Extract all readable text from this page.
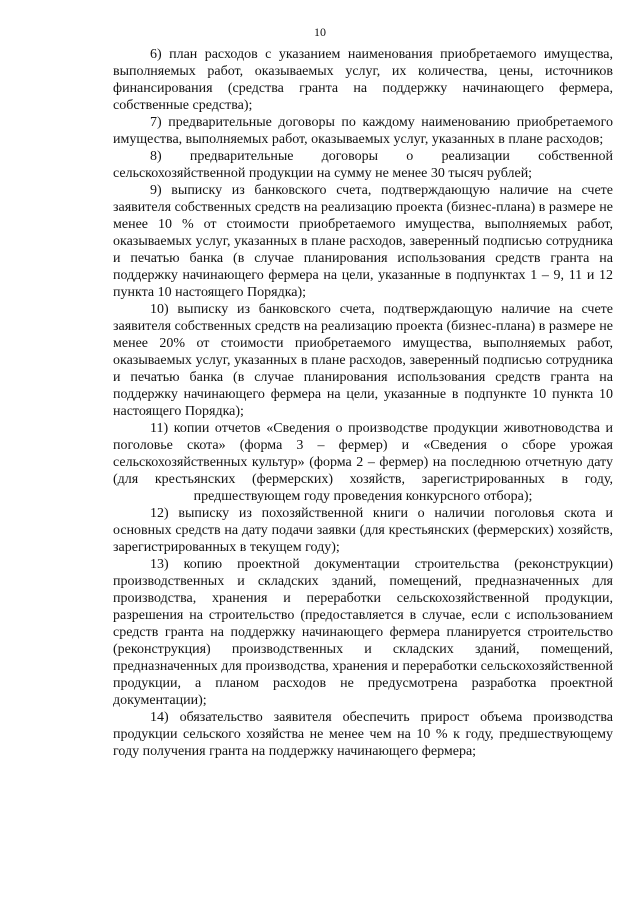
10

6) план расходов с указанием наименования приобретаемого имущества, выполняемых работ, оказываемых услуг, их количества, цены, источников финансирования (средства гранта на поддержку начинающего фермера, собственные средства);

7) предварительные договоры по каждому наименованию приобретаемого имущества, выполняемых работ, оказываемых услуг, указанных в плане расходов;

8) предварительные договоры о реализации собственной сельскохозяйственной продукции на сумму не менее 30 тысяч рублей;

9) выписку из банковского счета, подтверждающую наличие на счете заявителя собственных средств на реализацию проекта (бизнес-плана) в размере не менее 10 % от стоимости приобретаемого имущества, выполняемых работ, оказываемых услуг, указанных в плане расходов, заверенный подписью сотрудника и печатью банка (в случае планирования использования средств гранта на поддержку начинающего фермера на цели, указанные в подпунктах 1 – 9, 11 и 12 пункта 10 настоящего Порядка);

10) выписку из банковского счета, подтверждающую наличие на счете заявителя собственных средств на реализацию проекта (бизнес-плана) в размере не менее 20% от стоимости приобретаемого имущества, выполняемых работ, оказываемых услуг, указанных в плане расходов, заверенный подписью сотрудника и печатью банка (в случае планирования использования средств гранта на поддержку начинающего фермера на цели, указанные в подпункте 10 пункта 10 настоящего Порядка);

11) копии отчетов «Сведения о производстве продукции животноводства и поголовье скота» (форма 3 – фермер) и «Сведения о сборе урожая сельскохозяйственных культур» (форма 2 – фермер) на последнюю отчетную дату (для крестьянских (фермерских) хозяйств, зарегистрированных в году, предшествующем году проведения конкурсного отбора);

12) выписку из похозяйственной книги о наличии поголовья скота и основных средств на дату подачи заявки (для крестьянских (фермерских) хозяйств, зарегистрированных в текущем году);

13) копию проектной документации строительства (реконструкции) производственных и складских зданий, помещений, предназначенных для производства, хранения и переработки сельскохозяйственной продукции, разрешения на строительство (предоставляется в случае, если с использованием средств гранта на поддержку начинающего фермера планируется строительство (реконструкция) производственных и складских зданий, помещений, предназначенных для производства, хранения и переработки сельскохозяйственной продукции, а планом расходов не предусмотрена разработка проектной документации);

14) обязательство заявителя обеспечить прирост объема производства продукции сельского хозяйства не менее чем на 10 % к году, предшествующему году получения гранта на поддержку начинающего фермера;
